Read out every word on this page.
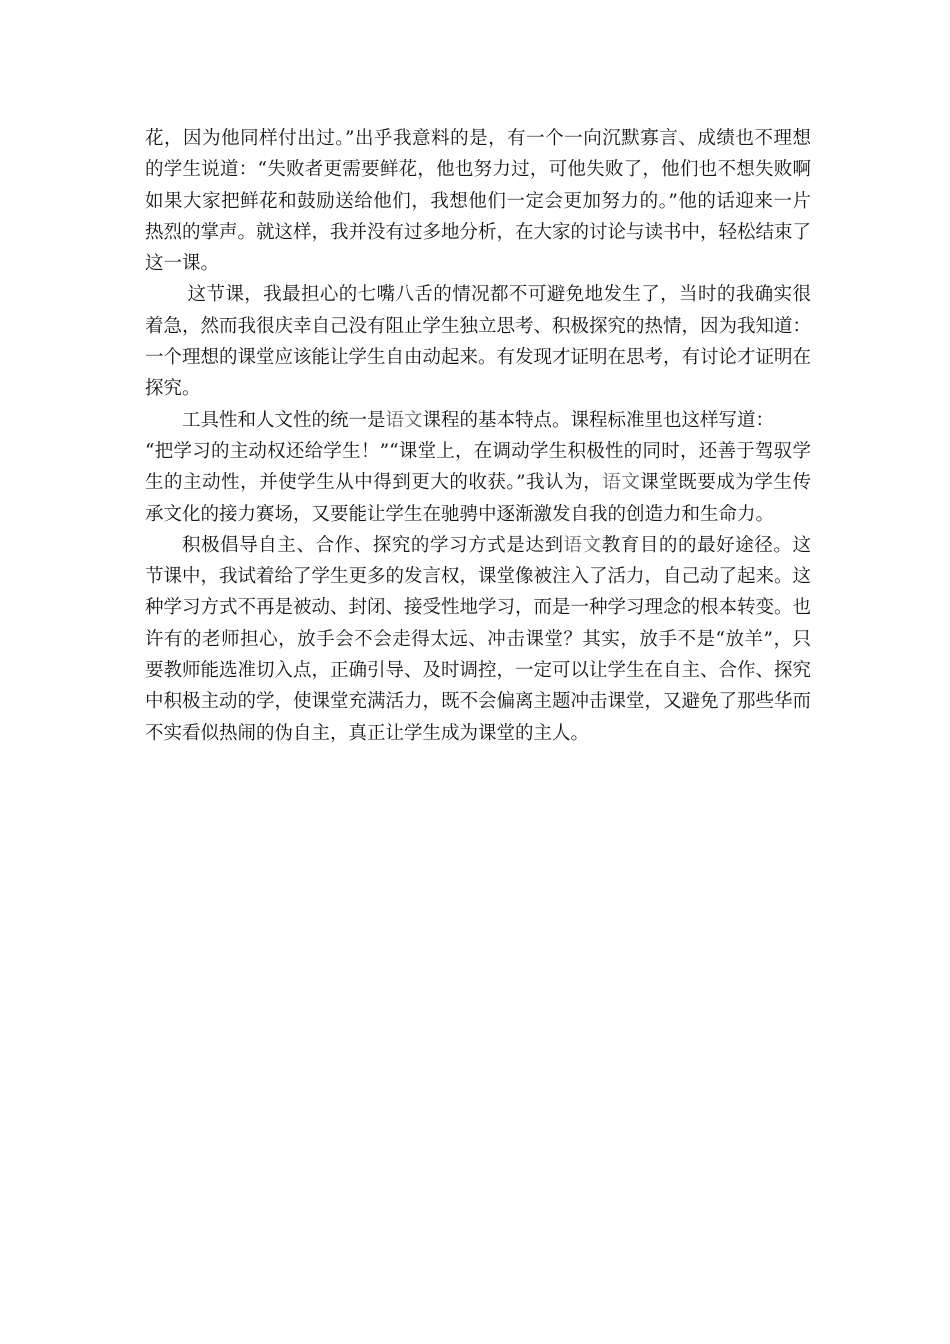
花，因为他同样付出过。”出乎我意料的是，有一个一向沉默寡言、成绩也不理想的学生说道：“失败者更需要鲜花，他也努力过，可他失败了，他们也不想失败啊如果大家把鲜花和鼓励送给他们，我想他们一定会更加努力的。”他的话迎来一片热烈的掌声。就这样，我并没有过多地分析，在大家的讨论与读书中，轻松结束了这一课。

这节课，我最担心的七嘴八舌的情况都不可避免地发生了，当时的我确实很着急，然而我很庆幸自己没有阻止学生独立思考、积极探究的热情，因为我知道：一个理想的课堂应该能让学生自由动起来。有发现才证明在思考，有讨论才证明在探究。

工具性和人文性的统一是语文课程的基本特点。课程标准里也这样写道：
“把学习的主动权还给学生！”“课堂上，在调动学生积极性的同时，还善于驾驭学生的主动性，并使学生从中得到更大的收获。”我认为，语文课堂既要成为学生传承文化的接力赛场，又要能让学生在驰骋中逐渐激发自我的创造力和生命力。

积极倡导自主、合作、探究的学习方式是达到语文教育目的的最好途径。这节课中，我试着给了学生更多的发言权，课堂像被注入了活力，自己动了起来。这种学习方式不再是被动、封闭、接受性地学习，而是一种学习理念的根本转变。也许有的老师担心，放手会不会走得太远、冲击课堂？其实，放手不是“放羊”，只要教师能选准切入点，正确引导、及时调控，一定可以让学生在自主、合作、探究中积极主动的学，使课堂充满活力，既不会偏离主题冲击课堂，又避免了那些华而不实看似热闹的伪自主，真正让学生成为课堂的主人。
